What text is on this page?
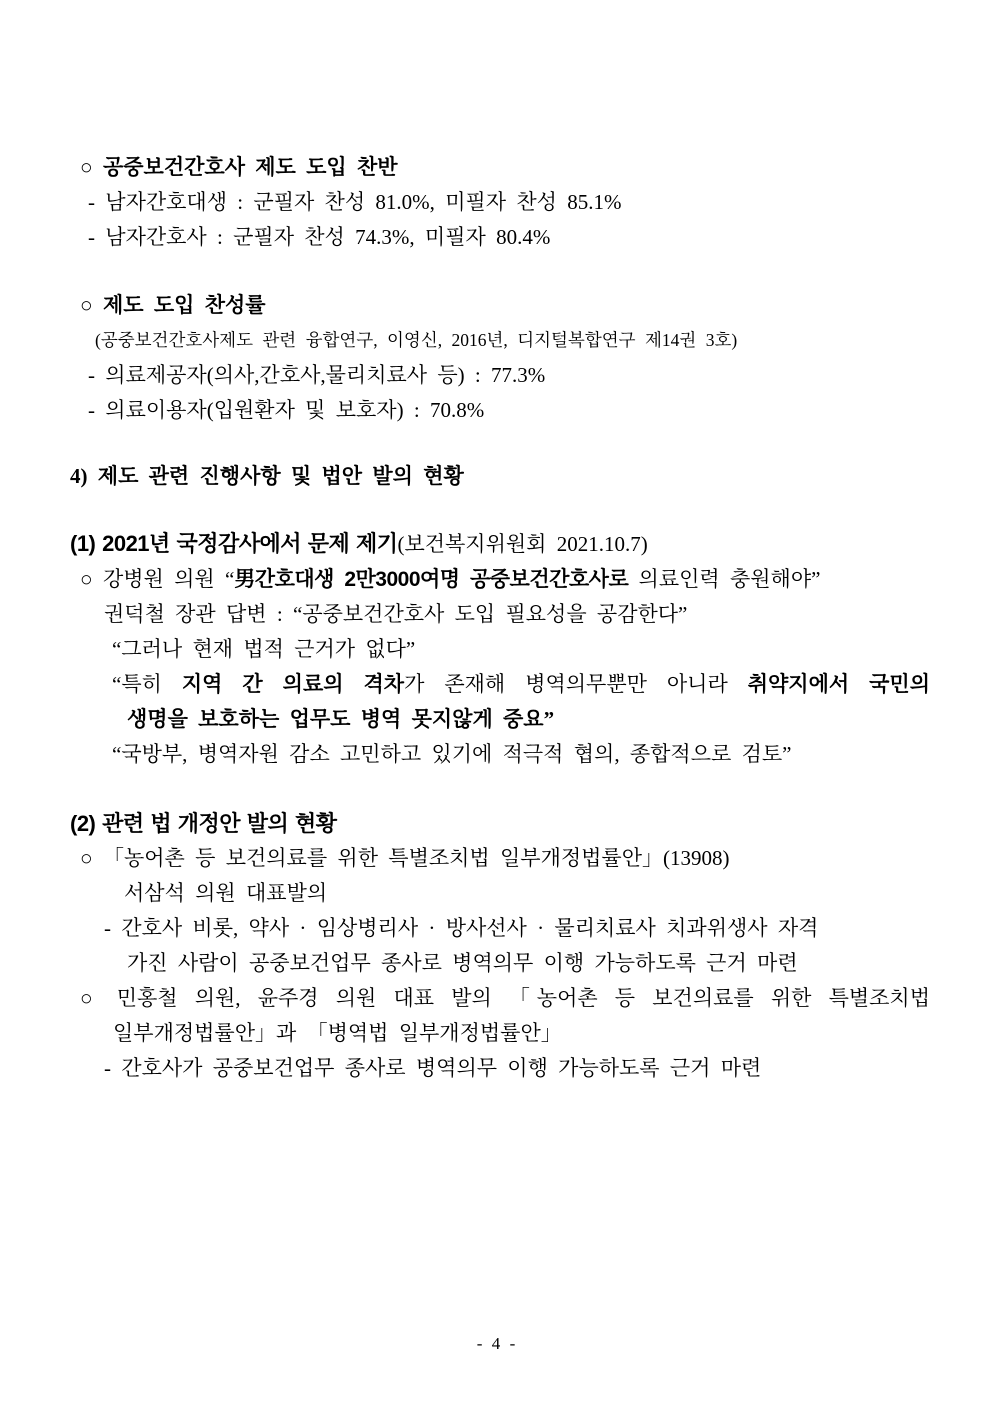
○ 공중보건간호사 제도 도입 찬반
- 남자간호대생 : 군필자 찬성 81.0%, 미필자 찬성 85.1%
- 남자간호사 : 군필자 찬성 74.3%, 미필자 80.4%
○ 제도 도입 찬성률
(공중보건간호사제도 관련 융합연구, 이영신, 2016년, 디지털복합연구 제14권 3호)
- 의료제공자(의사,간호사,물리치료사 등) : 77.3%
- 의료이용자(입원환자 및 보호자) : 70.8%
4) 제도 관련 진행사항 및 법안 발의 현황
(1) 2021년 국정감사에서 문제 제기(보건복지위원회 2021.10.7)
○ 강병원 의원 “男간호대생 2만3000여명 공중보건간호사로 의료인력 충원해야”
권덕철 장관 답변 : “공중보건간호사 도입 필요성을 공감한다”
“그러나 현재 법적 근거가 없다”
“특히 지역 간 의료의 격차가 존재해 병역의무뿐만 아니라 취약지에서 국민의
생명을 보호하는 업무도 병역 못지않게 중요”
“국방부, 병역자원 감소 고민하고 있기에 적극적 협의, 종합적으로 검토”
(2) 관련 법 개정안 발의 현황
○ 「농어촌 등 보건의료를 위한 특별조치법 일부개정법률안」(13908)
서삼석 의원 대표발의
- 간호사 비롯, 약사 · 임상병리사 · 방사선사 · 물리치료사 치과위생사 자격
가진 사람이 공중보건업무 종사로 병역의무 이행 가능하도록 근거 마련
○ 민홍철 의원, 윤주경 의원 대표 발의 「농어촌 등 보건의료를 위한 특별조치법
일부개정법률안」과 「병역법 일부개정법률안」
- 간호사가 공중보건업무 종사로 병역의무 이행 가능하도록 근거 마련
- 4 -
